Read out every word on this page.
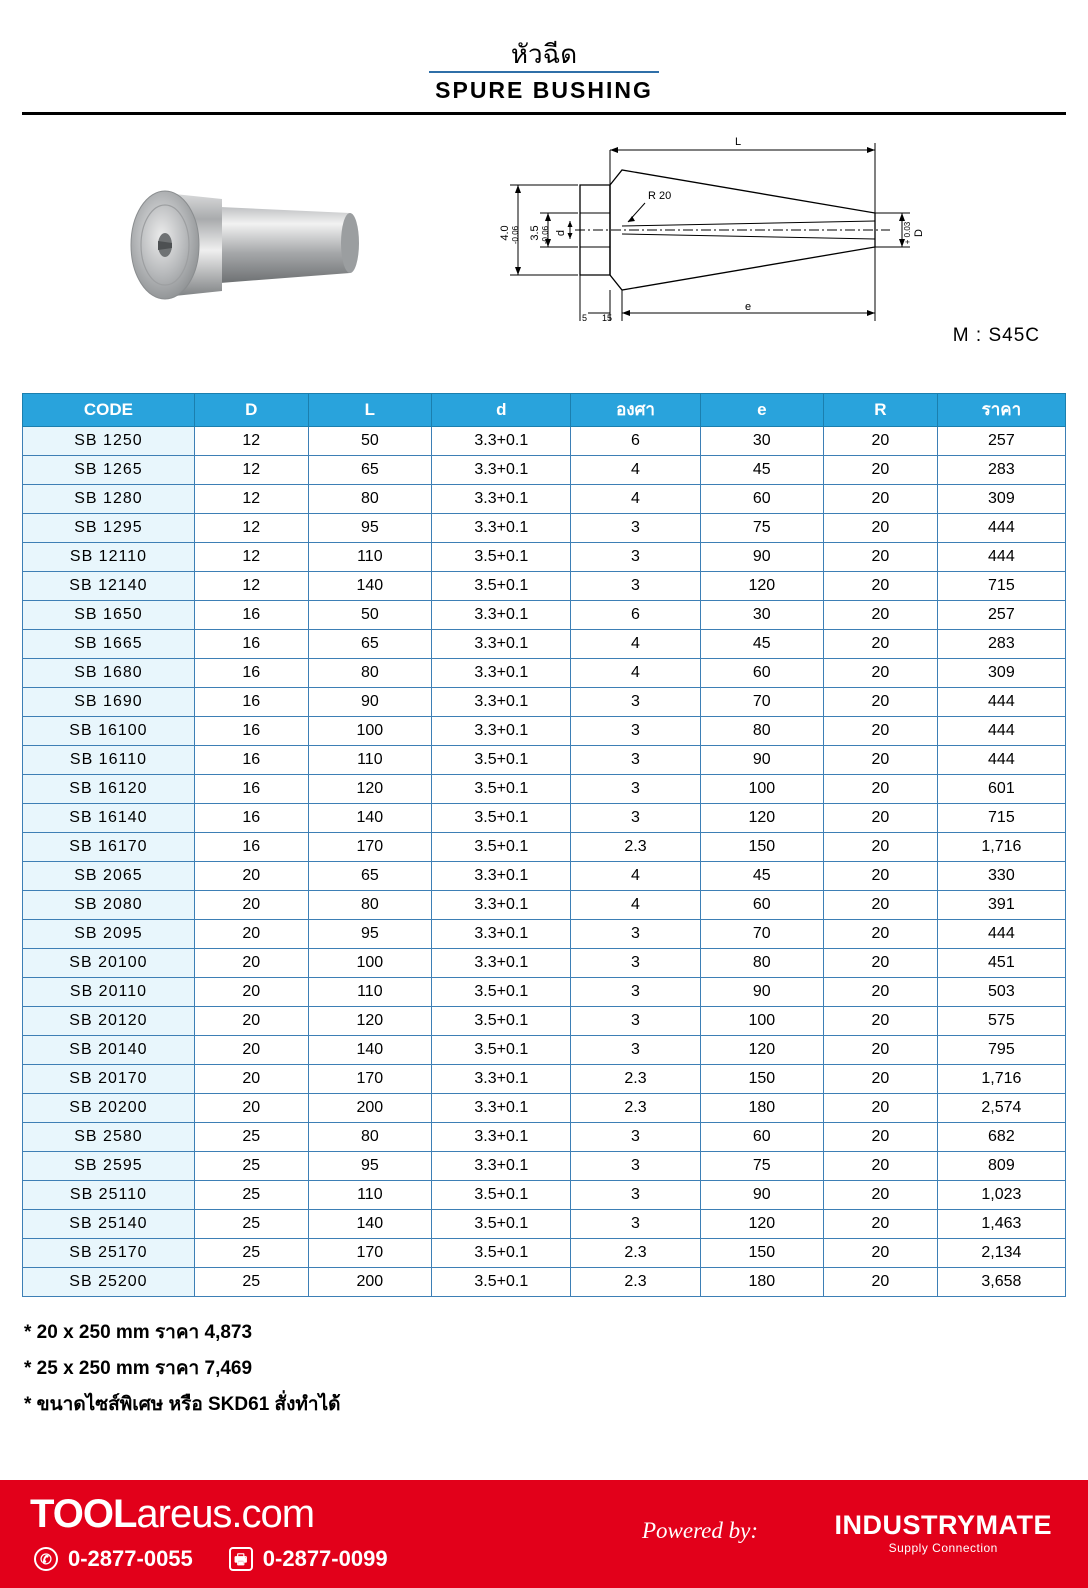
หัวฉีด
SPURE BUSHING
L
R 20
D
+ 0.03
4.0 -0.06 3.5 -0.06 d
e
5 15
M : S45C
CODE	D	L	d	องศา	e	R	ราคา
SB 1250	12	50	3.3+0.1	6	30	20	257
SB 1265	12	65	3.3+0.1	4	45	20	283
SB 1280	12	80	3.3+0.1	4	60	20	309
SB 1295	12	95	3.3+0.1	3	75	20	444
SB 12110	12	110	3.5+0.1	3	90	20	444
SB 12140	12	140	3.5+0.1	3	120	20	715
SB 1650	16	50	3.3+0.1	6	30	20	257
SB 1665	16	65	3.3+0.1	4	45	20	283
SB 1680	16	80	3.3+0.1	4	60	20	309
SB 1690	16	90	3.3+0.1	3	70	20	444
SB 16100	16	100	3.3+0.1	3	80	20	444
SB 16110	16	110	3.5+0.1	3	90	20	444
SB 16120	16	120	3.5+0.1	3	100	20	601
SB 16140	16	140	3.5+0.1	3	120	20	715
SB 16170	16	170	3.5+0.1	2.3	150	20	1,716
SB 2065	20	65	3.3+0.1	4	45	20	330
SB 2080	20	80	3.3+0.1	4	60	20	391
SB 2095	20	95	3.3+0.1	3	70	20	444
SB 20100	20	100	3.3+0.1	3	80	20	451
SB 20110	20	110	3.5+0.1	3	90	20	503
SB 20120	20	120	3.5+0.1	3	100	20	575
SB 20140	20	140	3.5+0.1	3	120	20	795
SB 20170	20	170	3.3+0.1	2.3	150	20	1,716
SB 20200	20	200	3.3+0.1	2.3	180	20	2,574
SB 2580	25	80	3.3+0.1	3	60	20	682
SB 2595	25	95	3.3+0.1	3	75	20	809
SB 25110	25	110	3.5+0.1	3	90	20	1,023
SB 25140	25	140	3.5+0.1	3	120	20	1,463
SB 25170	25	170	3.5+0.1	2.3	150	20	2,134
SB 25200	25	200	3.5+0.1	2.3	180	20	3,658
* 20 x 250 mm ราคา 4,873
* 25 x 250 mm ราคา 7,469
* ขนาดไซส์พิเศษ หรือ SKD61 สั่งทำได้
TOOLareus.com
✆ 0-2877-0055	🖶 0-2877-0099
Powered by:	INDUSTRYMATE
Supply Connection
